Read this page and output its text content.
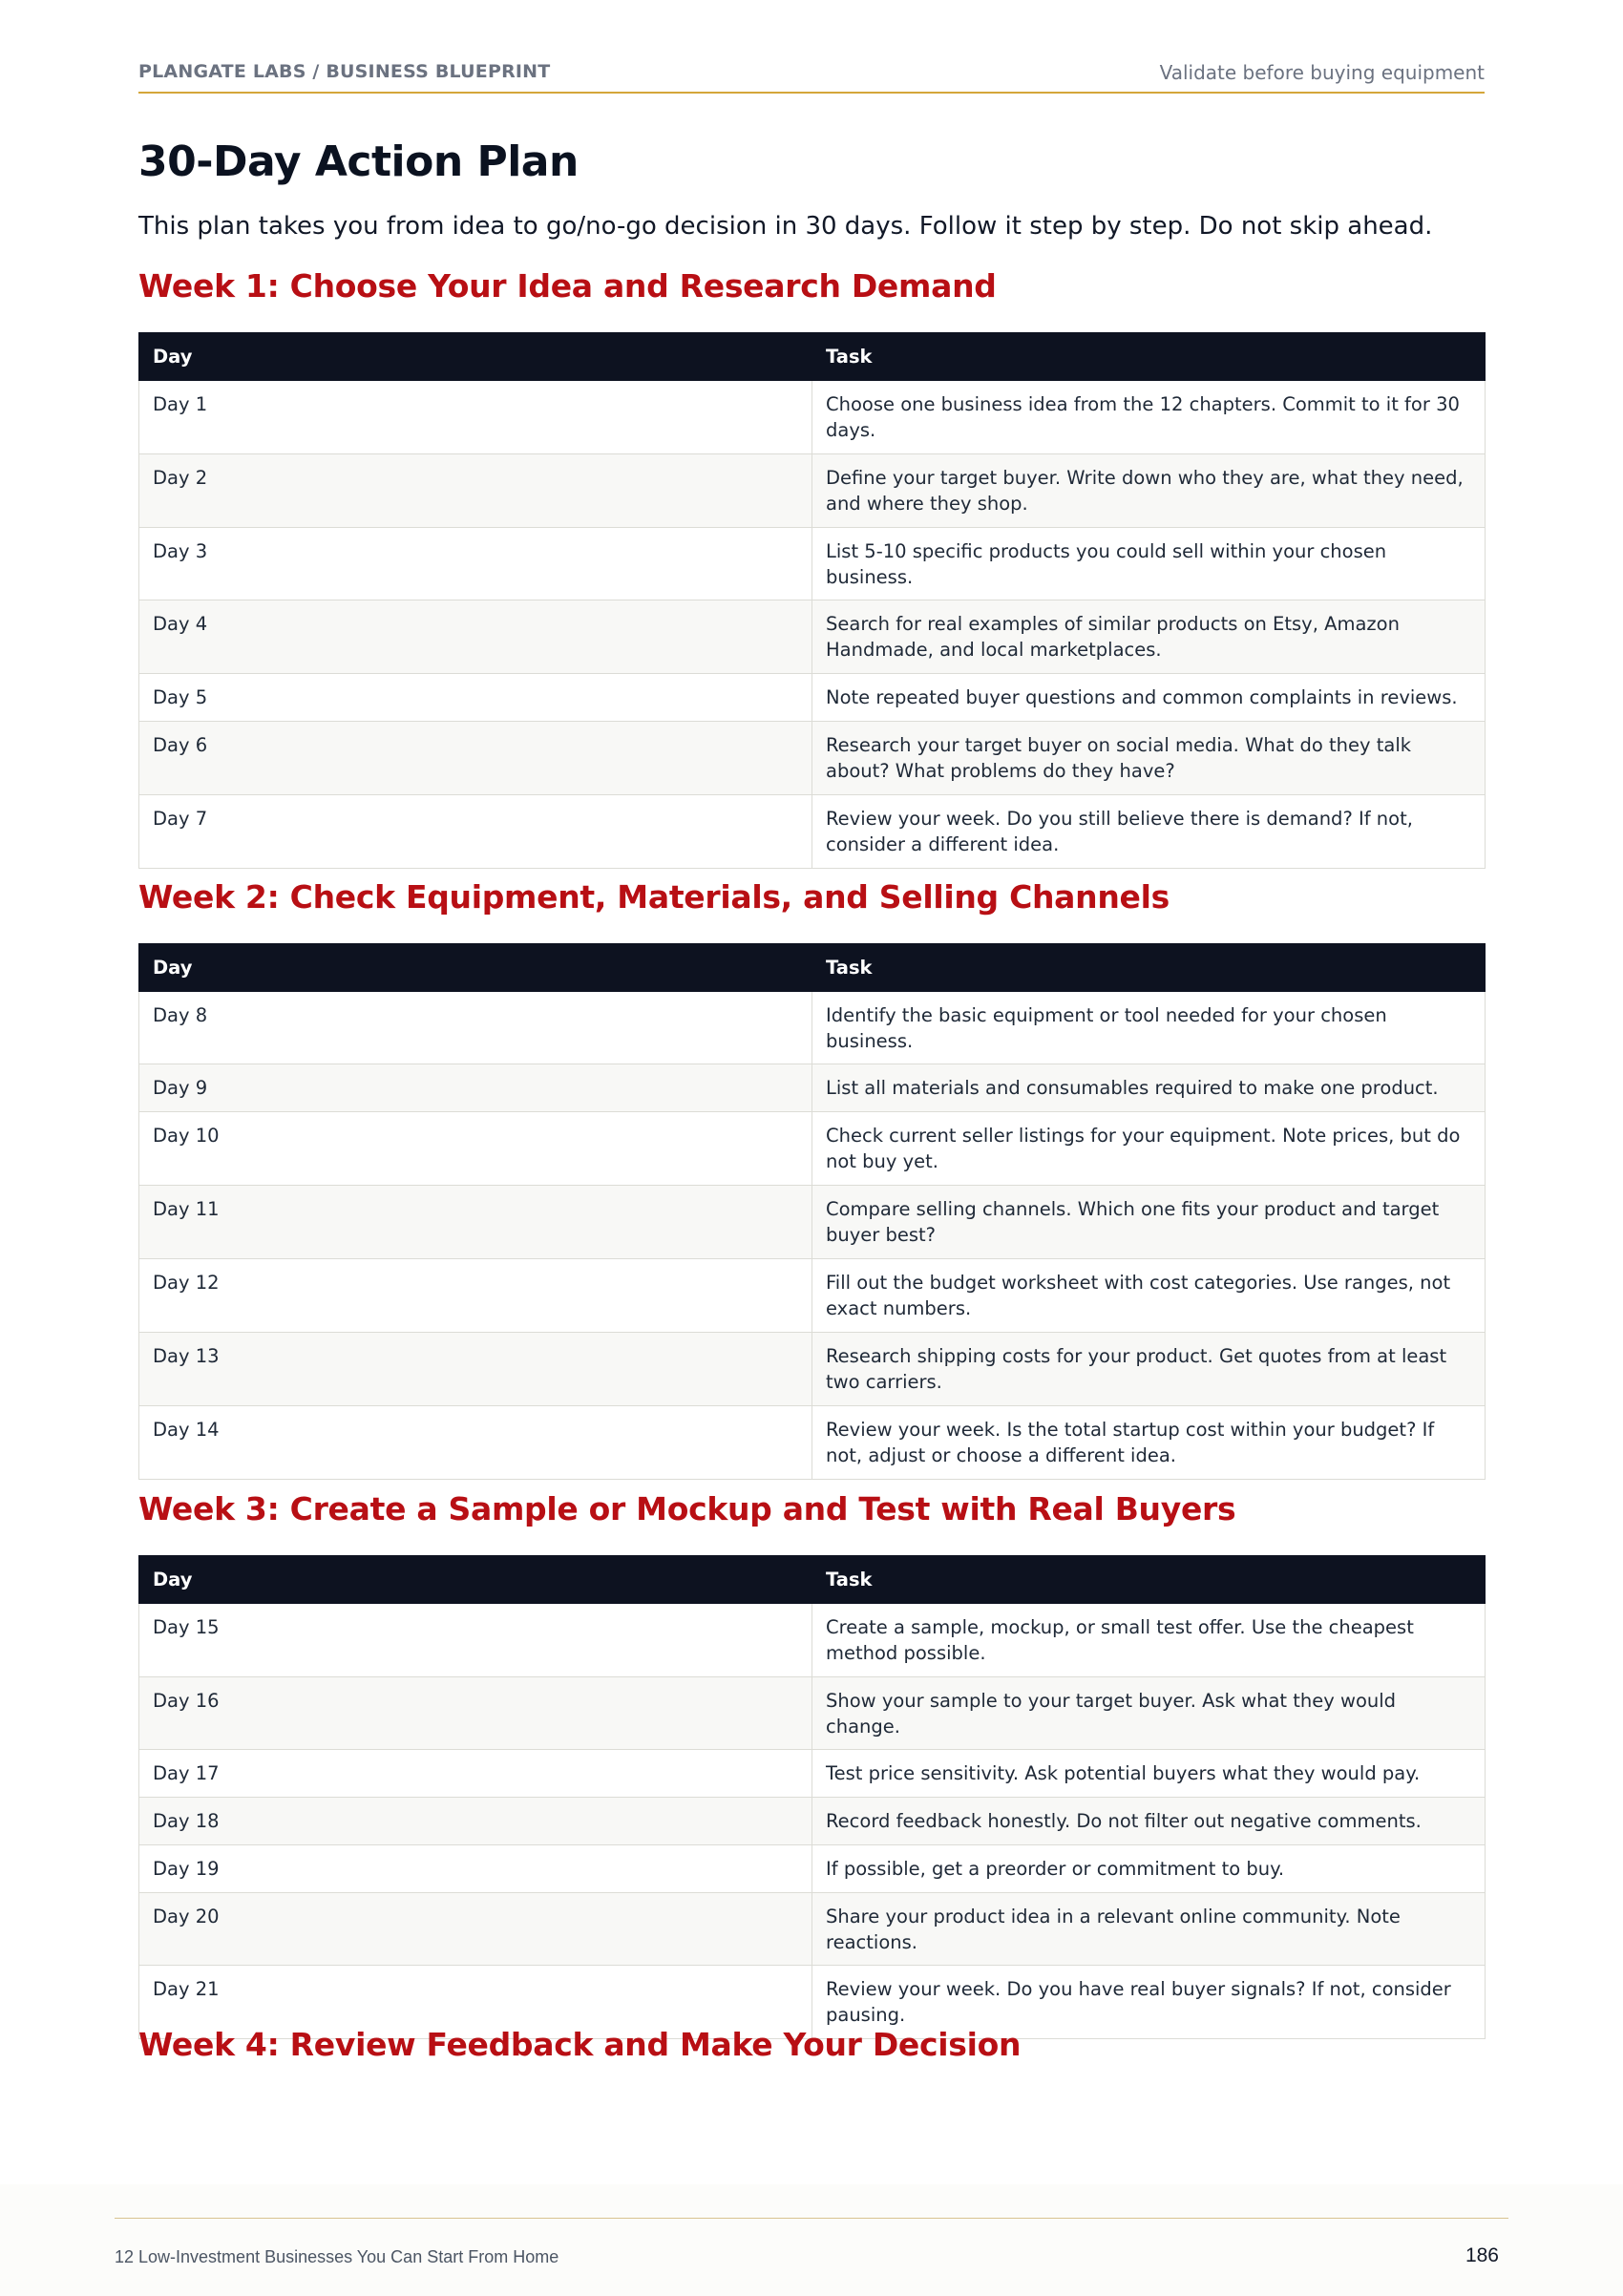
PLANGATE LABS / BUSINESS BLUEPRINT	Validate before buying equipment
30-Day Action Plan

This plan takes you from idea to go/no-go decision in 30 days. Follow it step by step. Do not skip ahead.

Week 1: Choose Your Idea and Research Demand
Day	Task
Day 1	Choose one business idea from the 12 chapters. Commit to it for 30 days.
Day 2	Define your target buyer. Write down who they are, what they need, and where they shop.
Day 3	List 5-10 specific products you could sell within your chosen business.
Day 4	Search for real examples of similar products on Etsy, Amazon Handmade, and local marketplaces.
Day 5	Note repeated buyer questions and common complaints in reviews.
Day 6	Research your target buyer on social media. What do they talk about? What problems do they have?
Day 7	Review your week. Do you still believe there is demand? If not, consider a different idea.
Week 2: Check Equipment, Materials, and Selling Channels
Day	Task
Day 8	Identify the basic equipment or tool needed for your chosen business.
Day 9	List all materials and consumables required to make one product.
Day 10	Check current seller listings for your equipment. Note prices, but do not buy yet.
Day 11	Compare selling channels. Which one fits your product and target buyer best?
Day 12	Fill out the budget worksheet with cost categories. Use ranges, not exact numbers.
Day 13	Research shipping costs for your product. Get quotes from at least two carriers.
Day 14	Review your week. Is the total startup cost within your budget? If not, adjust or choose a different idea.
Week 3: Create a Sample or Mockup and Test with Real Buyers
Day	Task
Day 15	Create a sample, mockup, or small test offer. Use the cheapest method possible.
Day 16	Show your sample to your target buyer. Ask what they would change.
Day 17	Test price sensitivity. Ask potential buyers what they would pay.
Day 18	Record feedback honestly. Do not filter out negative comments.
Day 19	If possible, get a preorder or commitment to buy.
Day 20	Share your product idea in a relevant online community. Note reactions.
Day 21	Review your week. Do you have real buyer signals? If not, consider pausing.
Week 4: Review Feedback and Make Your Decision
12 Low-Investment Businesses You Can Start From Home	186
